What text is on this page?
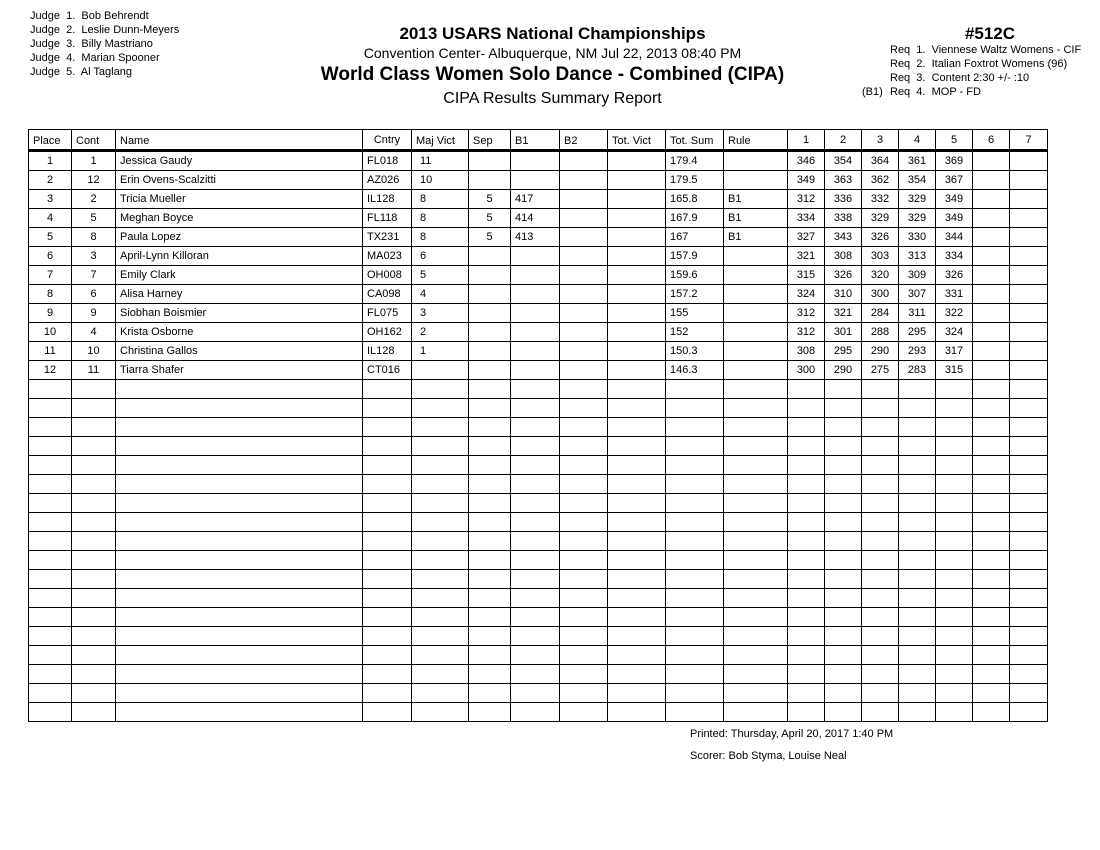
Judge  1. Bob Behrendt
Judge  2. Leslie Dunn-Meyers
Judge  3. Billy Mastriano
Judge  4. Marian Spooner
Judge  5. Al Taglang
2013 USARS National Championships
Convention Center- Albuquerque, NM Jul 22, 2013 08:40 PM
World Class Women Solo Dance - Combined (CIPA)
CIPA Results Summary Report
#512C
Req  1. Viennese Waltz Womens - CIF
Req  2. Italian Foxtrot Womens (96)
Req  3. Content 2:30 +/- :10
(B1) Req  4. MOP - FD
Place	Cont	Name	Cntry	Maj Vict	Sep	B1	B2	Tot. Vict	Tot. Sum	Rule	1	2	3	4	5	6	7
1	1	Jessica Gaudy	FL018	11					179.4		346	354	364	361	369		
2	12	Erin Ovens-Scalzitti	AZ026	10					179.5		349	363	362	354	367		
3	2	Tricia Mueller	IL128	8	5	417			165.8	B1	312	336	332	329	349		
4	5	Meghan Boyce	FL118	8	5	414			167.9	B1	334	338	329	329	349		
5	8	Paula Lopez	TX231	8	5	413			167	B1	327	343	326	330	344		
6	3	April-Lynn Killoran	MA023	6					157.9		321	308	303	313	334		
7	7	Emily Clark	OH008	5					159.6		315	326	320	309	326		
8	6	Alisa Harney	CA098	4					157.2		324	310	300	307	331		
9	9	Siobhan Boismier	FL075	3					155		312	321	284	311	322		
10	4	Krista Osborne	OH162	2					152		312	301	288	295	324		
11	10	Christina Gallos	IL128	1					150.3		308	295	290	293	317		
12	11	Tiarra Shafer	CT016						146.3		300	290	275	283	315		

Printed: Thursday, April 20, 2017 1:40 PM
Scorer: Bob Styma, Louise Neal
